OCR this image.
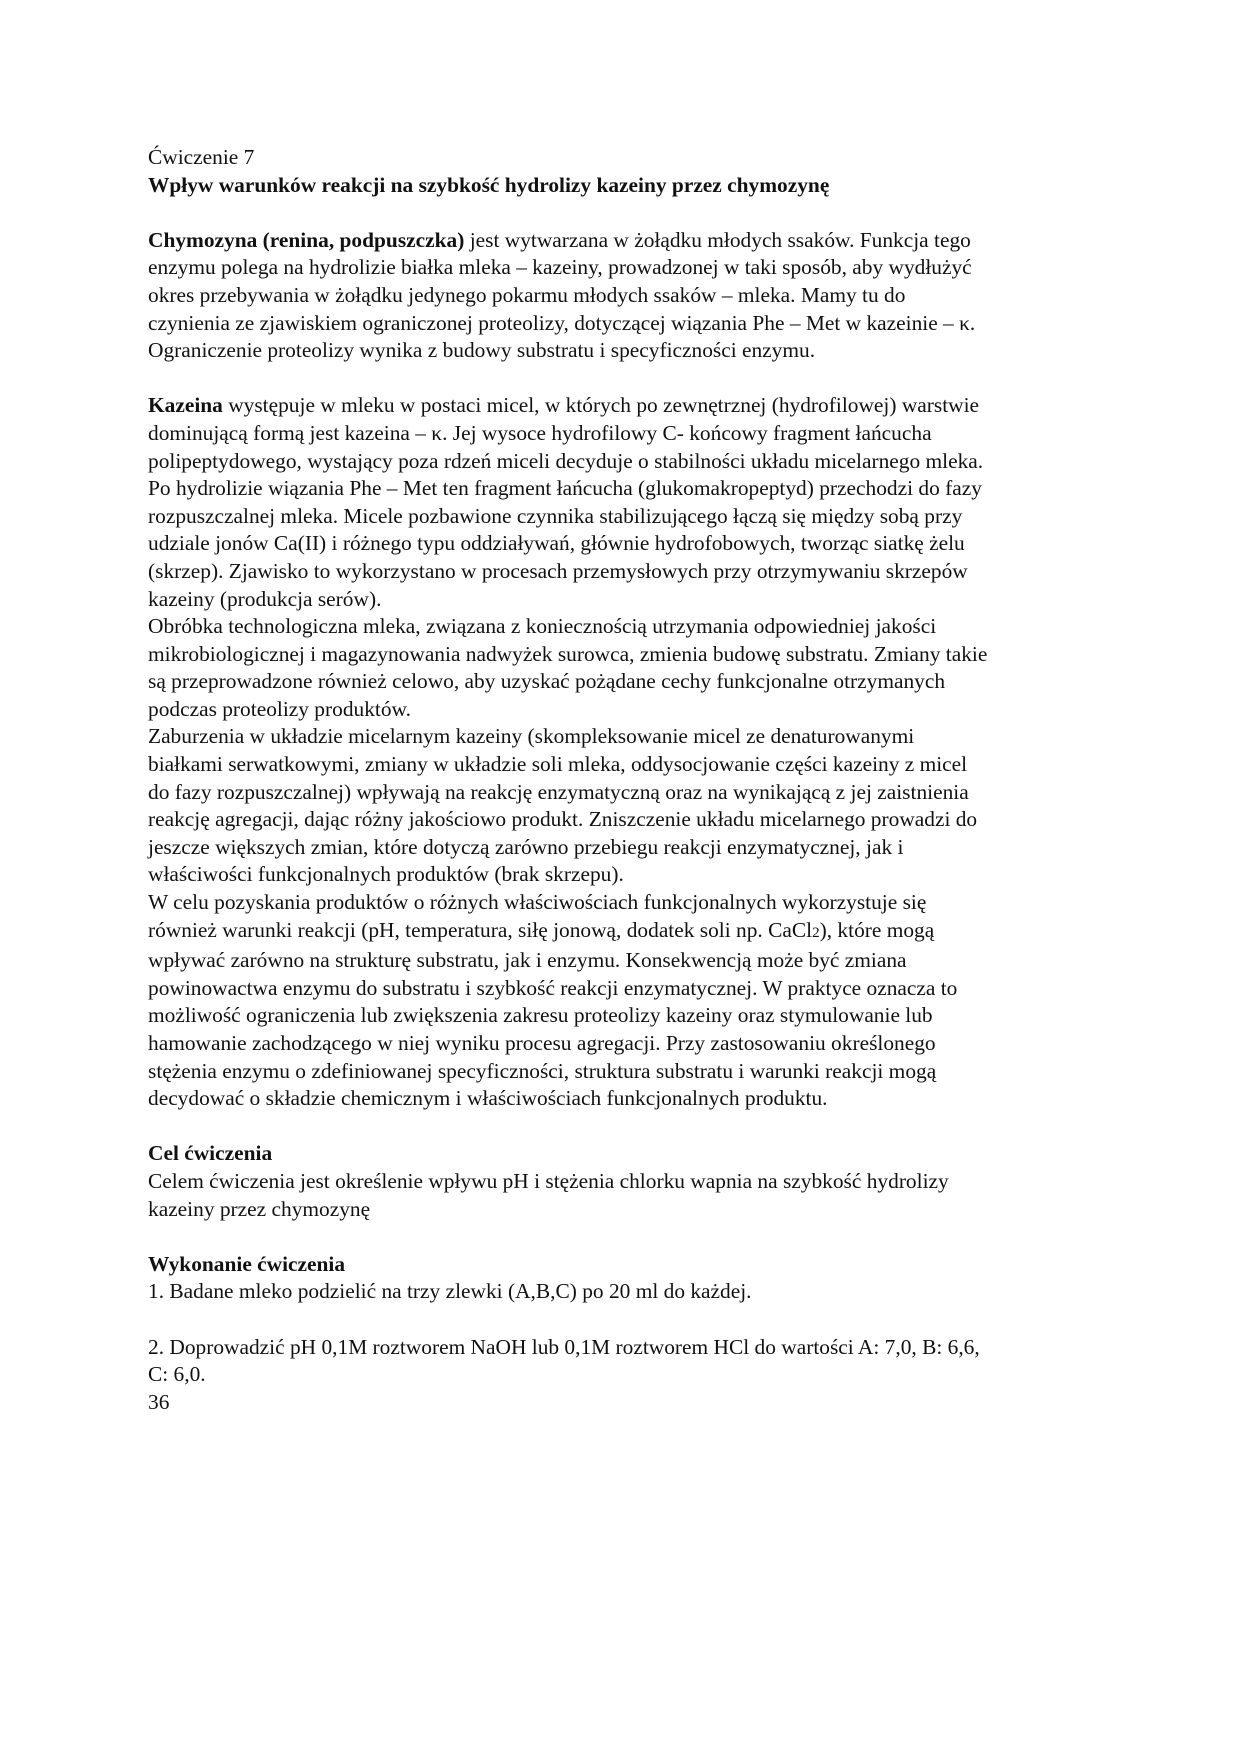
Ćwiczenie 7
Wpływ warunków reakcji na szybkość hydrolizy kazeiny przez chymozynę
Chymozyna (renina, podpuszczka) jest wytwarzana w żołądku młodych ssaków. Funkcja tego
enzymu polega na hydrolizie białka mleka – kazeiny, prowadzonej w taki sposób, aby wydłużyć
okres przebywania w żołądku jedynego pokarmu młodych ssaków – mleka. Mamy tu do
czynienia ze zjawiskiem ograniczonej proteolizy, dotyczącej wiązania Phe – Met w kazeinie – κ.
Ograniczenie proteolizy wynika z budowy substratu i specyficzności enzymu.
Kazeina występuje w mleku w postaci micel, w których po zewnętrznej (hydrofilowej) warstwie
dominującą formą jest kazeina – κ. Jej wysoce hydrofilowy C- końcowy fragment łańcucha
polipeptydowego, wystający poza rdzeń miceli decyduje o stabilności układu micelarnego mleka.
Po hydrolizie wiązania Phe – Met ten fragment łańcucha (glukomakropeptyd) przechodzi do fazy
rozpuszczalnej mleka. Micele pozbawione czynnika stabilizującego łączą się między sobą przy
udziale jonów Ca(II) i różnego typu oddziaływań, głównie hydrofobowych, tworząc siatkę żelu
(skrzep). Zjawisko to wykorzystano w procesach przemysłowych przy otrzymywaniu skrzepów
kazeiny (produkcja serów).
Obróbka technologiczna mleka, związana z koniecznością utrzymania odpowiedniej jakości
mikrobiologicznej i magazynowania nadwyżek surowca, zmienia budowę substratu. Zmiany takie
są przeprowadzone również celowo, aby uzyskać pożądane cechy funkcjonalne otrzymanych
podczas proteolizy produktów.
Zaburzenia w układzie micelarnym kazeiny (skompleksowanie micel ze denaturowanymi
białkami serwatkowymi, zmiany w układzie soli mleka, oddysocjowanie części kazeiny z micel
do fazy rozpuszczalnej) wpływają na reakcję enzymatyczną oraz na wynikającą z jej zaistnienia
reakcję agregacji, dając różny jakościowo produkt. Zniszczenie układu micelarnego prowadzi do
jeszcze większych zmian, które dotyczą zarówno przebiegu reakcji enzymatycznej, jak i
właściwości funkcjonalnych produktów (brak skrzepu).
W celu pozyskania produktów o różnych właściwościach funkcjonalnych wykorzystuje się
również warunki reakcji (pH, temperatura, siłę jonową, dodatek soli np. CaCl2), które mogą
wpływać zarówno na strukturę substratu, jak i enzymu. Konsekwencją może być zmiana
powinowactwa enzymu do substratu i szybkość reakcji enzymatycznej. W praktyce oznacza to
możliwość ograniczenia lub zwiększenia zakresu proteolizy kazeiny oraz stymulowanie lub
hamowanie zachodzącego w niej wyniku procesu agregacji. Przy zastosowaniu określonego
stężenia enzymu o zdefiniowanej specyficzności, struktura substratu i warunki reakcji mogą
decydować o składzie chemicznym i właściwościach funkcjonalnych produktu.
Cel ćwiczenia
Celem ćwiczenia jest określenie wpływu pH i stężenia chlorku wapnia na szybkość hydrolizy
kazeiny przez chymozynę
Wykonanie ćwiczenia
1. Badane mleko podzielić na trzy zlewki (A,B,C) po 20 ml do każdej.
2. Doprowadzić pH 0,1M roztworem NaOH lub 0,1M roztworem HCl do wartości A: 7,0, B: 6,6,
C: 6,0.
36
